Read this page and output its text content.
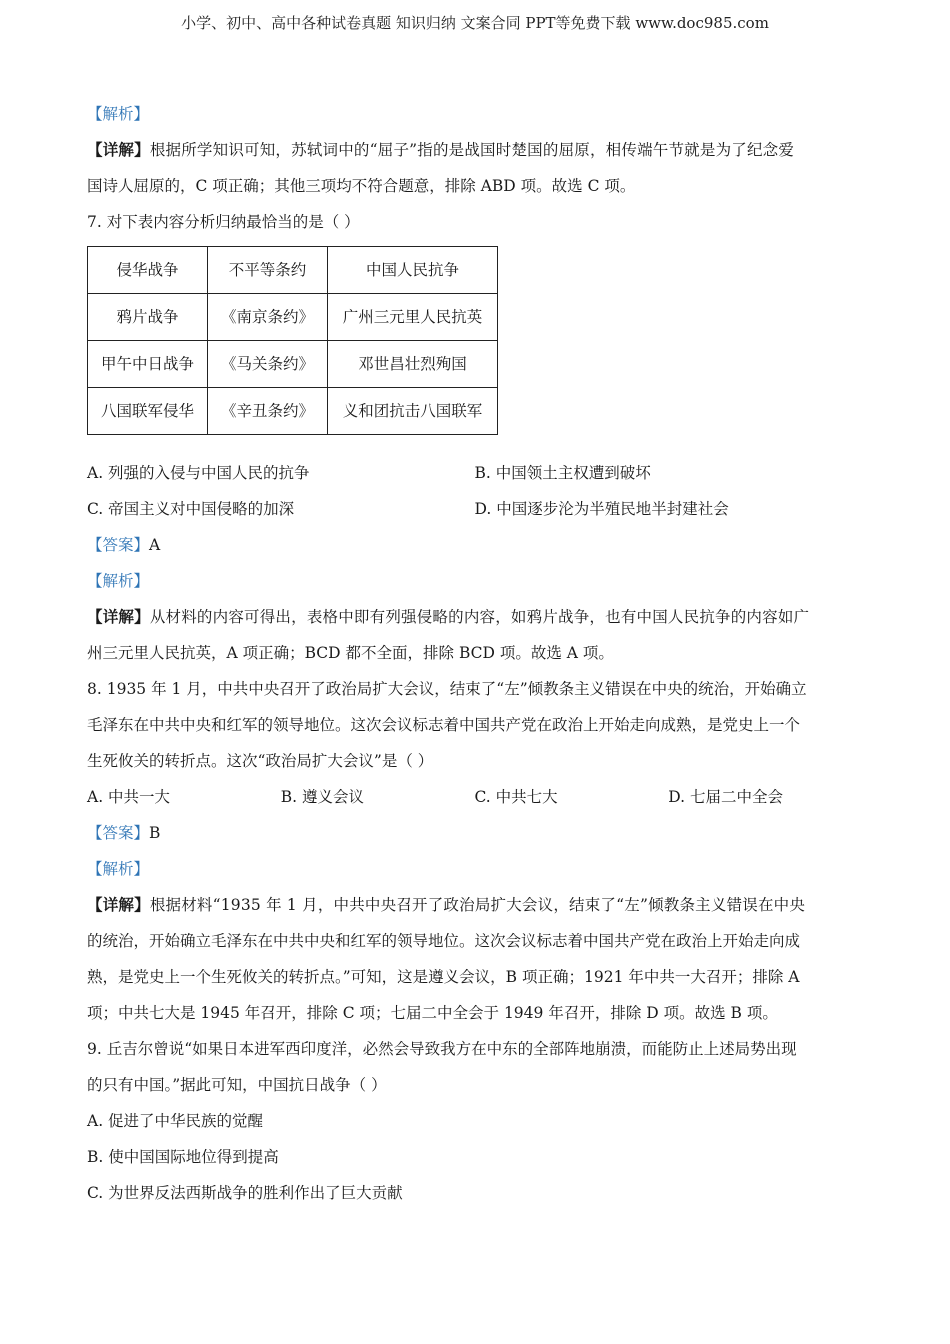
小学、初中、高中各种试卷真题 知识归纳 文案合同 PPT等免费下载 www.doc985.com
【解析】
【详解】根据所学知识可知，苏轼词中的“屈子”指的是战国时楚国的屈原，相传端午节就是为了纪念爱
国诗人屈原的，C 项正确；其他三项均不符合题意，排除 ABD 项。故选 C 项。
7. 对下表内容分析归纳最恰当的是（ ）
侵华战争	不平等条约	中国人民抗争
鸦片战争	《南京条约》	广州三元里人民抗英
甲午中日战争	《马关条约》	邓世昌壮烈殉国
八国联军侵华	《辛丑条约》	义和团抗击八国联军
A. 列强的入侵与中国人民的抗争	B. 中国领土主权遭到破坏
C. 帝国主义对中国侵略的加深	D. 中国逐步沦为半殖民地半封建社会
【答案】A
【解析】
【详解】从材料的内容可得出，表格中即有列强侵略的内容，如鸦片战争，也有中国人民抗争的内容如广
州三元里人民抗英，A 项正确；BCD 都不全面，排除 BCD 项。故选 A 项。
8. 1935 年 1 月，中共中央召开了政治局扩大会议，结束了“左”倾教条主义错误在中央的统治，开始确立
毛泽东在中共中央和红军的领导地位。这次会议标志着中国共产党在政治上开始走向成熟，是党史上一个
生死攸关的转折点。这次“政治局扩大会议”是（ ）
A. 中共一大	B. 遵义会议	C. 中共七大	D. 七届二中全会
【答案】B
【解析】
【详解】根据材料“1935 年 1 月，中共中央召开了政治局扩大会议，结束了“左”倾教条主义错误在中央
的统治，开始确立毛泽东在中共中央和红军的领导地位。这次会议标志着中国共产党在政治上开始走向成
熟，是党史上一个生死攸关的转折点。”可知，这是遵义会议，B 项正确；1921 年中共一大召开；排除 A
项；中共七大是 1945 年召开，排除 C 项；七届二中全会于 1949 年召开，排除 D 项。故选 B 项。
9. 丘吉尔曾说“如果日本进军西印度洋，必然会导致我方在中东的全部阵地崩溃，而能防止上述局势出现
的只有中国。”据此可知，中国抗日战争（ ）
A. 促进了中华民族的觉醒
B. 使中国国际地位得到提高
C. 为世界反法西斯战争的胜利作出了巨大贡献
